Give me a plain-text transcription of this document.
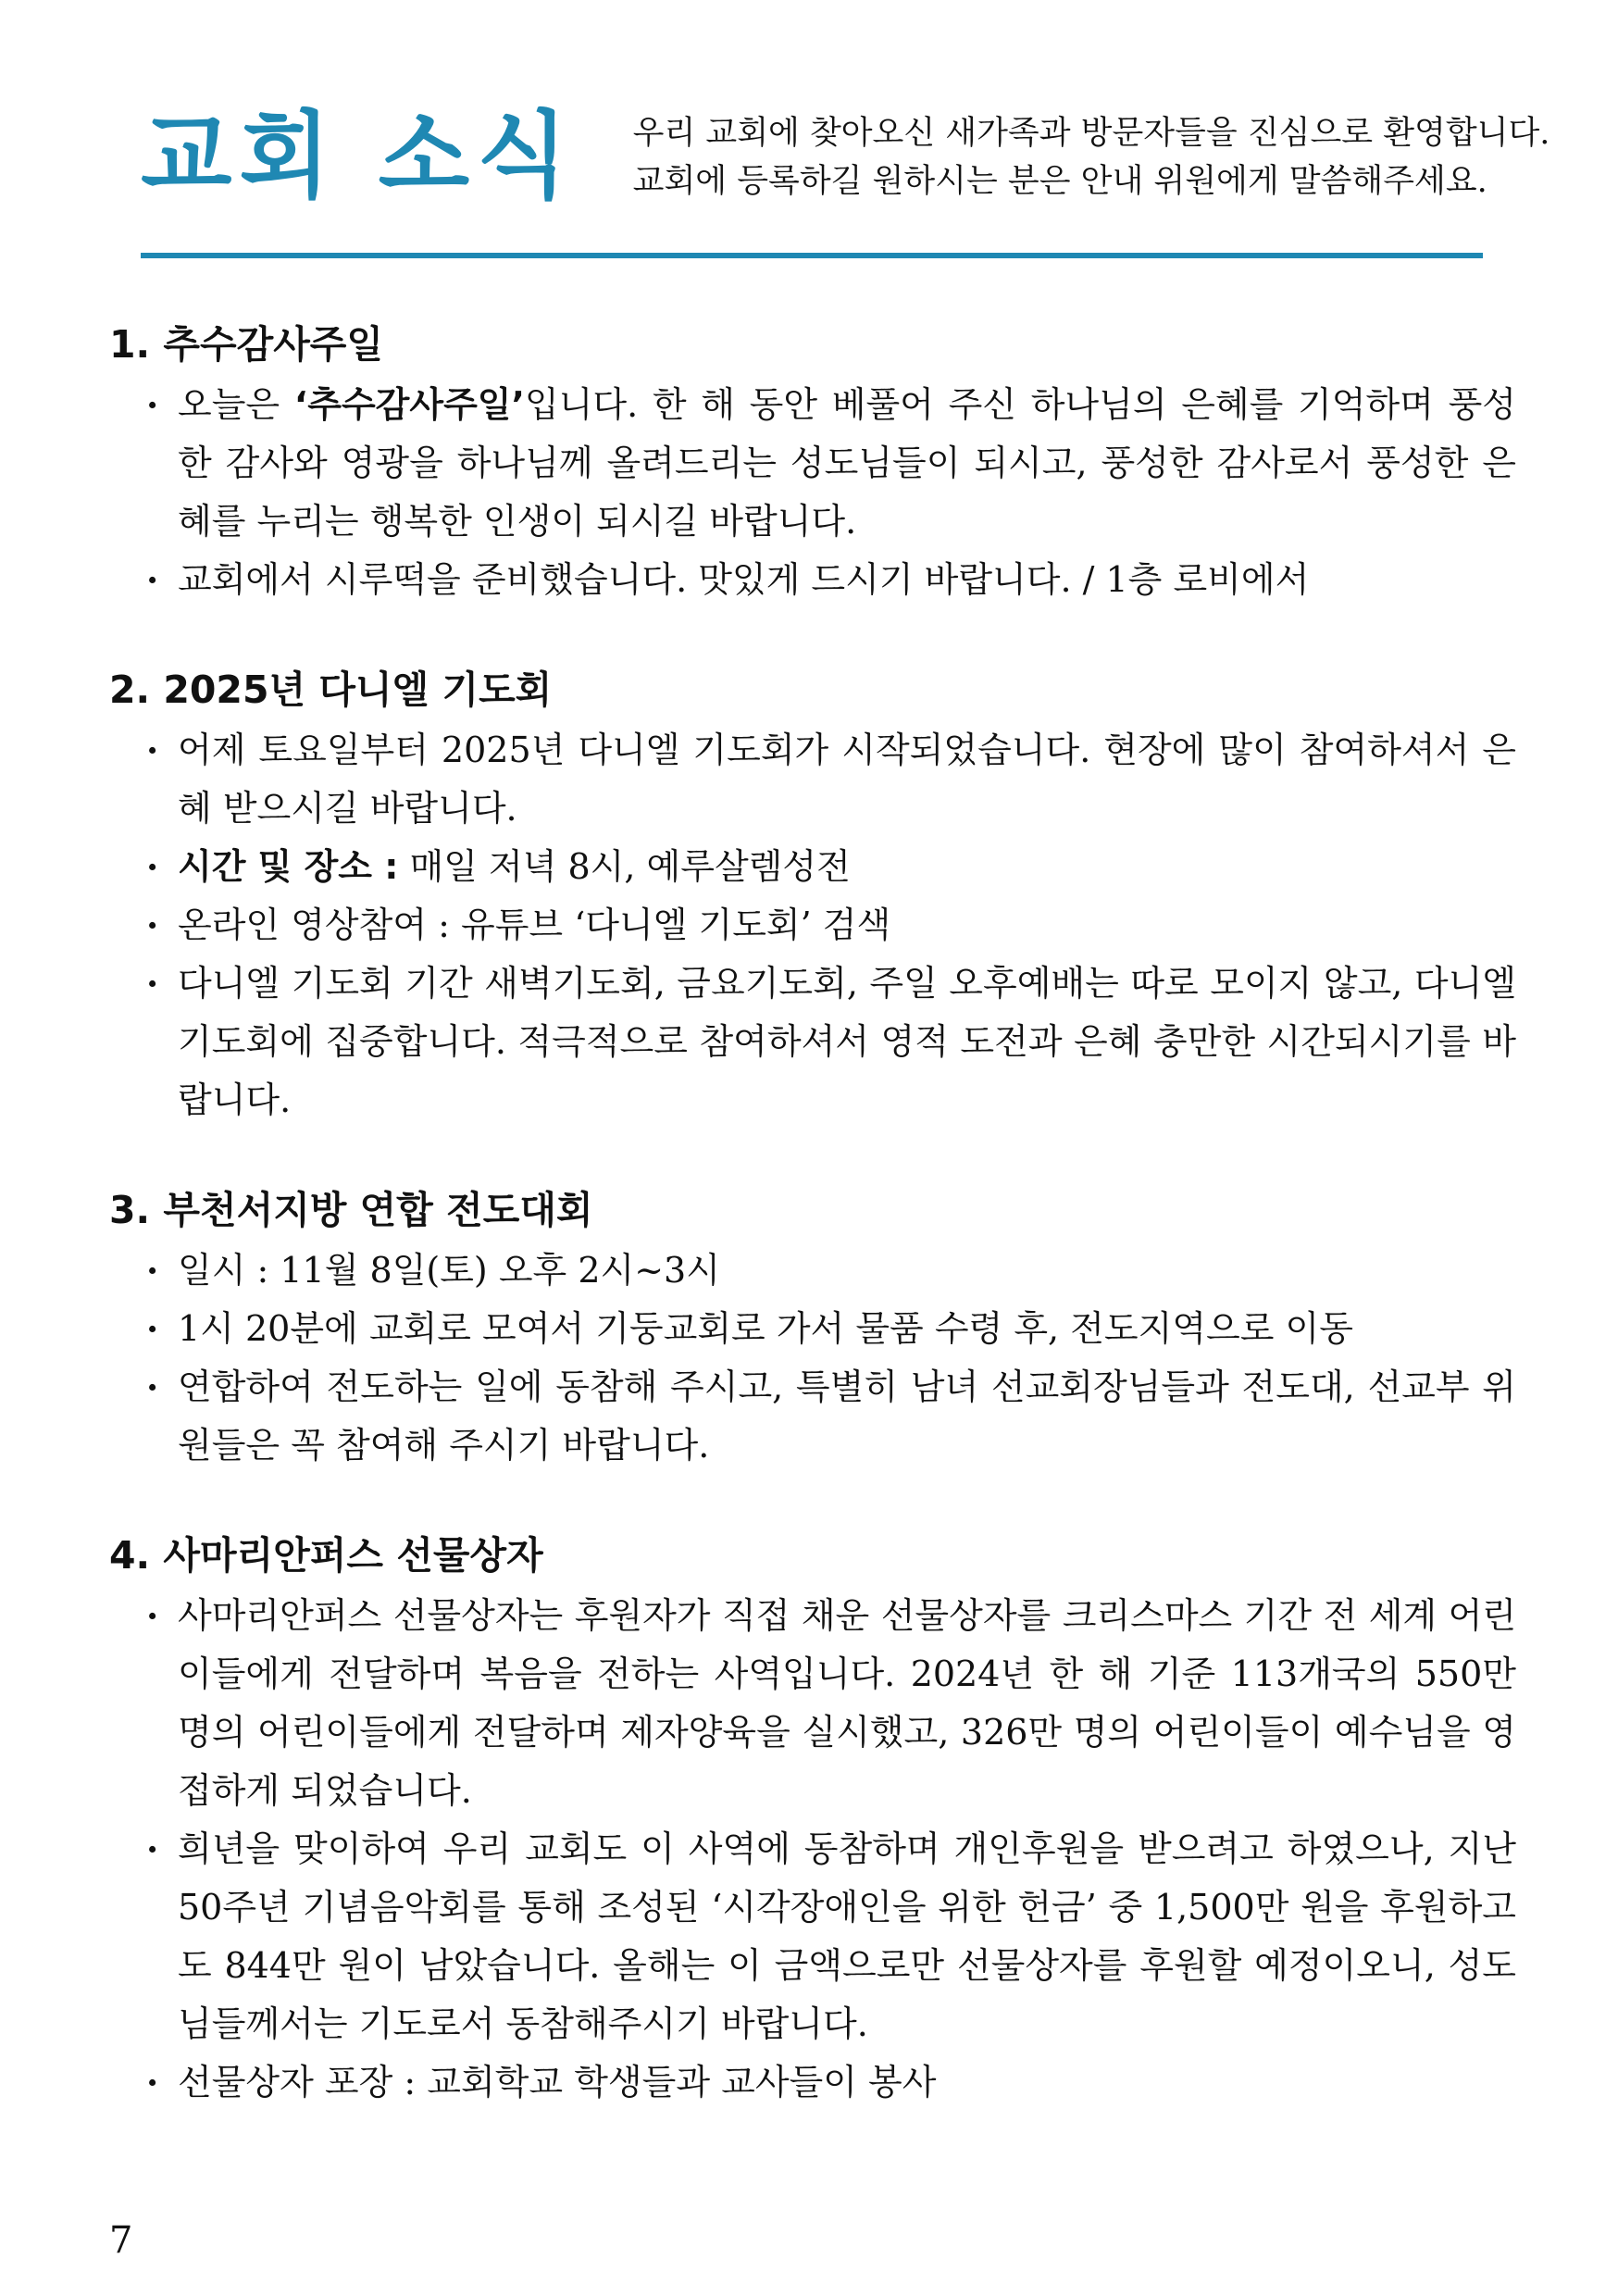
교회 소식 우리 교회에 찾아오신 새가족과 방문자들을 진심으로 환영합니다.
교회에 등록하길 원하시는 분은 안내 위원에게 말씀해주세요.
1. 추수감사주일
· 오늘은 ‘추수감사주일’입니다. 한 해 동안 베풀어 주신 하나님의 은혜를 기억하며 풍성한 감사와 영광을 하나님께 올려드리는 성도님들이 되시고, 풍성한 감사로서 풍성한 은혜를 누리는 행복한 인생이 되시길 바랍니다.
· 교회에서 시루떡을 준비했습니다. 맛있게 드시기 바랍니다. / 1층 로비에서
2. 2025년 다니엘 기도회
· 어제 토요일부터 2025년 다니엘 기도회가 시작되었습니다. 현장에 많이 참여하셔서 은혜 받으시길 바랍니다.
· 시간 및 장소 : 매일 저녁 8시, 예루살렘성전
· 온라인 영상참여 : 유튜브 ‘다니엘 기도회’ 검색
· 다니엘 기도회 기간 새벽기도회, 금요기도회, 주일 오후예배는 따로 모이지 않고, 다니엘 기도회에 집중합니다. 적극적으로 참여하셔서 영적 도전과 은혜 충만한 시간되시기를 바랍니다.
3. 부천서지방 연합 전도대회
· 일시 : 11월 8일(토) 오후 2시~3시
· 1시 20분에 교회로 모여서 기둥교회로 가서 물품 수령 후, 전도지역으로 이동
· 연합하여 전도하는 일에 동참해 주시고, 특별히 남녀 선교회장님들과 전도대, 선교부 위원들은 꼭 참여해 주시기 바랍니다.
4. 사마리안퍼스 선물상자
· 사마리안퍼스 선물상자는 후원자가 직접 채운 선물상자를 크리스마스 기간 전 세계 어린이들에게 전달하며 복음을 전하는 사역입니다. 2024년 한 해 기준 113개국의 550만 명의 어린이들에게 전달하며 제자양육을 실시했고, 326만 명의 어린이들이 예수님을 영접하게 되었습니다.
· 희년을 맞이하여 우리 교회도 이 사역에 동참하며 개인후원을 받으려고 하였으나, 지난 50주년 기념음악회를 통해 조성된 ‘시각장애인을 위한 헌금’ 중 1,500만 원을 후원하고도 844만 원이 남았습니다. 올해는 이 금액으로만 선물상자를 후원할 예정이오니, 성도님들께서는 기도로서 동참해주시기 바랍니다.
· 선물상자 포장 : 교회학교 학생들과 교사들이 봉사
7
